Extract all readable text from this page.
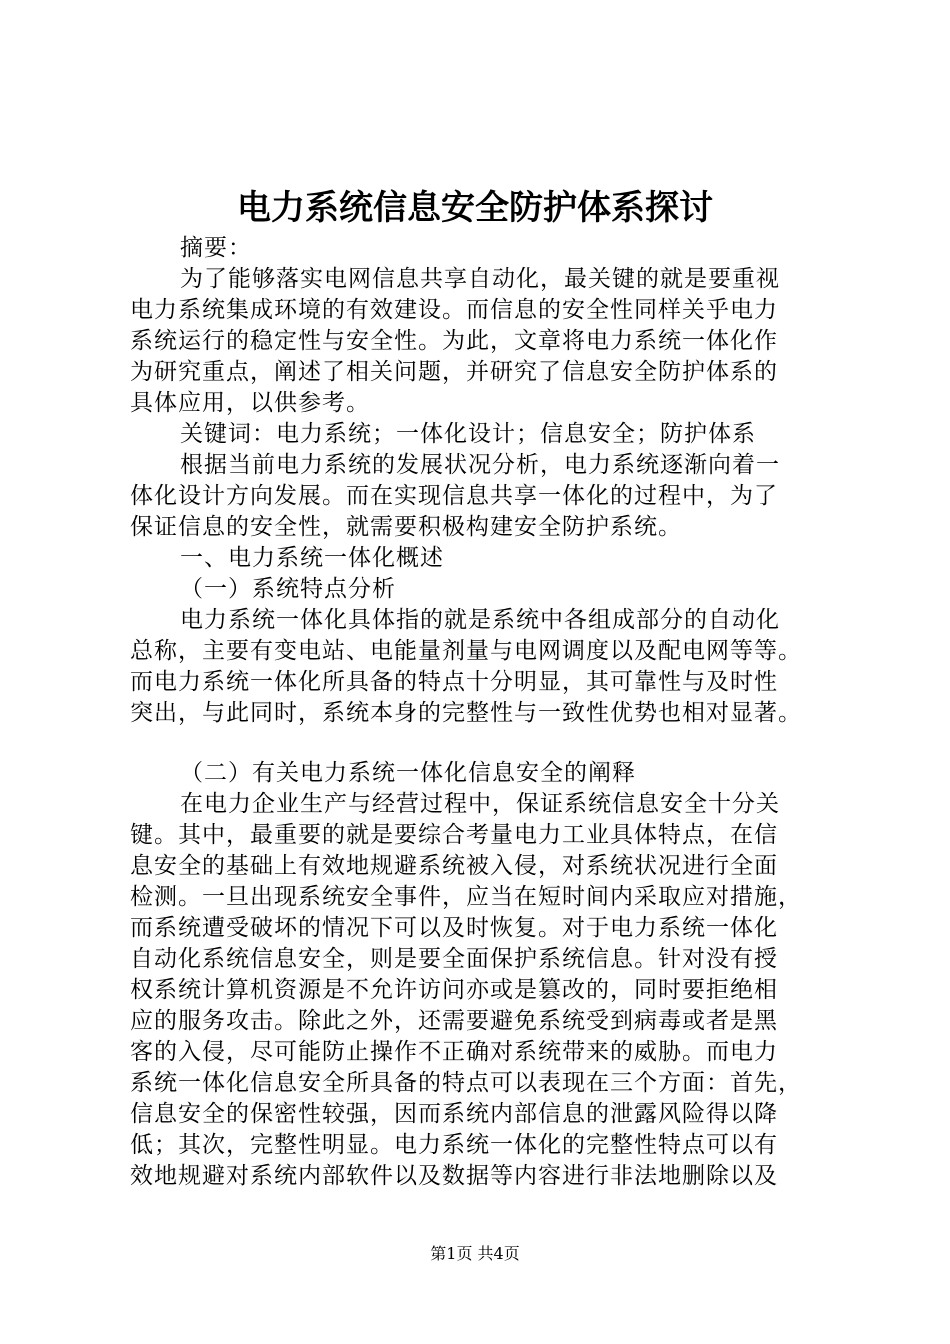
电力系统信息安全防护体系探讨
摘要：
为了能够落实电网信息共享自动化，最关键的就是要重视
电力系统集成环境的有效建设。而信息的安全性同样关乎电力
系统运行的稳定性与安全性。为此，文章将电力系统一体化作
为研究重点，阐述了相关问题，并研究了信息安全防护体系的
具体应用，以供参考。
关键词：电力系统；一体化设计；信息安全；防护体系
根据当前电力系统的发展状况分析，电力系统逐渐向着一
体化设计方向发展。而在实现信息共享一体化的过程中，为了
保证信息的安全性，就需要积极构建安全防护系统。
一、电力系统一体化概述
（一）系统特点分析
电力系统一体化具体指的就是系统中各组成部分的自动化
总称，主要有变电站、电能量剂量与电网调度以及配电网等等。
而电力系统一体化所具备的特点十分明显，其可靠性与及时性
突出，与此同时，系统本身的完整性与一致性优势也相对显著。
（二）有关电力系统一体化信息安全的阐释
在电力企业生产与经营过程中，保证系统信息安全十分关
键。其中，最重要的就是要综合考量电力工业具体特点，在信
息安全的基础上有效地规避系统被入侵，对系统状况进行全面
检测。一旦出现系统安全事件，应当在短时间内采取应对措施，
而系统遭受破坏的情况下可以及时恢复。对于电力系统一体化
自动化系统信息安全，则是要全面保护系统信息。针对没有授
权系统计算机资源是不允许访问亦或是篡改的，同时要拒绝相
应的服务攻击。除此之外，还需要避免系统受到病毒或者是黑
客的入侵，尽可能防止操作不正确对系统带来的威胁。而电力
系统一体化信息安全所具备的特点可以表现在三个方面：首先，
信息安全的保密性较强，因而系统内部信息的泄露风险得以降
低；其次，完整性明显。电力系统一体化的完整性特点可以有
效地规避对系统内部软件以及数据等内容进行非法地删除以及
第1页 共4页
